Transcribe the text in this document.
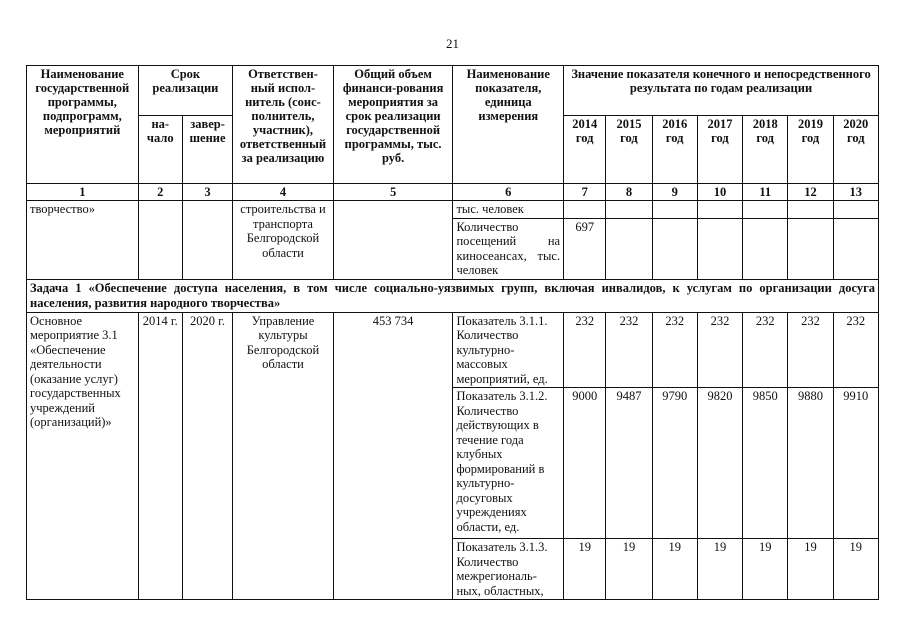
21
Наименование государственной программы, подпрограмм, мероприятий	Срок реализации		Ответствен-ный испол-нитель (соис-полнитель, участник), ответственный за реализацию	Общий объем финанси-рования мероприятия за срок реализации государственной программы, тыс. руб.	Наименование показателя, единица измерения	Значение показателя конечного и непосредственного результата по годам реализации						
	на-чало	завер-шение				2014 год	2015 год	2016 год	2017 год	2018 год	2019 год	2020 год
1	2	3	4	5	6	7	8	9	10	11	12	13
творчество»			строительства и транспорта Белгородской области		тыс. человек							
					Количество посещений на киносеансах, тыс. человек	697						
Задача 1 «Обеспечение доступа населения, в том числе социально-уязвимых групп, включая инвалидов, к услугам по организации досуга населения, развития народного творчества»												
Основное мероприятие 3.1 «Обеспечение деятельности (оказание услуг) государственных учреждений (организаций)»	2014 г.	2020 г.	Управление культуры Белгородской области	453 734	Показатель 3.1.1. Количество культурно-массовых мероприятий, ед.	232	232	232	232	232	232	232
					Показатель 3.1.2. Количество действующих в течение года клубных формирований в культурно-досуговых учреждениях области, ед.	9000	9487	9790	9820	9850	9880	9910
					Показатель 3.1.3. Количество межрегиональ-ных, областных,	19	19	19	19	19	19	19
